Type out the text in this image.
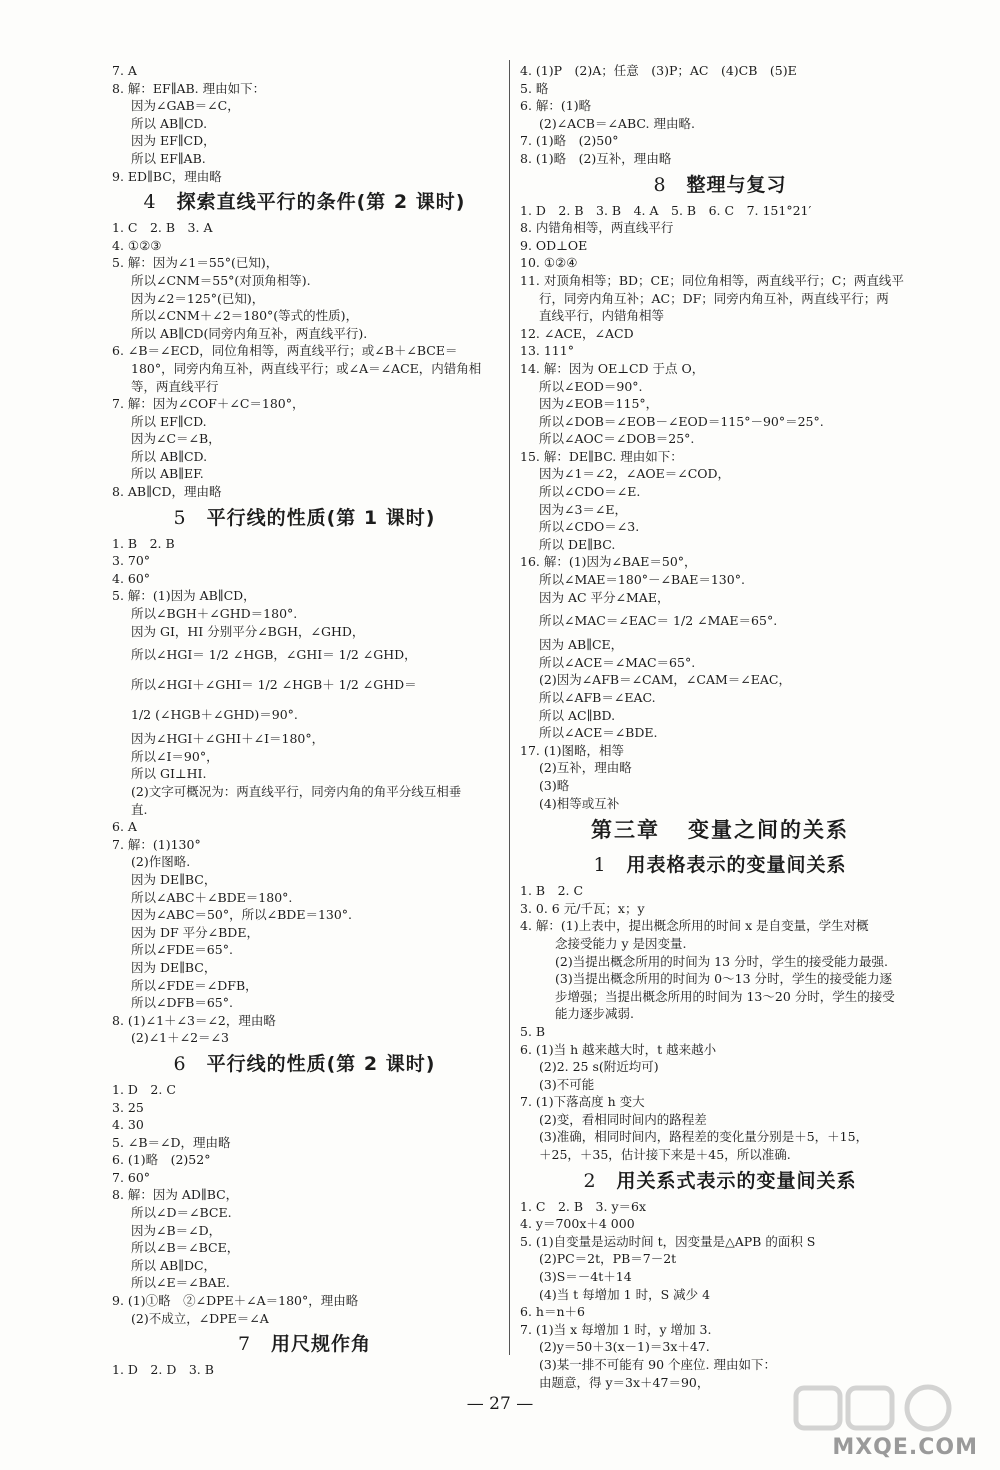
7. A
8. 解：EF∥AB. 理由如下：
因为∠GAB＝∠C，
所以 AB∥CD.
因为 EF∥CD，
所以 EF∥AB.
9. ED∥BC，理由略
4 探索直线平行的条件(第 2 课时)
1. C　2. B　3. A
4. ①②③
5. 解：因为∠1＝55°(已知)，
所以∠CNM＝55°(对顶角相等).
因为∠2＝125°(已知)，
所以∠CNM＋∠2＝180°(等式的性质)，
所以 AB∥CD(同旁内角互补，两直线平行).
6. ∠B＝∠ECD，同位角相等，两直线平行；或∠B＋∠BCE＝
180°，同旁内角互补，两直线平行；或∠A＝∠ACE，内错角相
等，两直线平行
7. 解：因为∠COF＋∠C＝180°，
所以 EF∥CD.
因为∠C＝∠B，
所以 AB∥CD.
所以 AB∥EF.
8. AB∥CD，理由略
5 平行线的性质(第 1 课时)
1. B　2. B
3. 70°
4. 60°
5. 解：(1)因为 AB∥CD，
所以∠BGH＋∠GHD＝180°.
因为 GI，HI 分别平分∠BGH，∠GHD，
所以∠HGI＝ 1/2 ∠HGB，∠GHI＝ 1/2 ∠GHD，
所以∠HGI＋∠GHI＝ 1/2 ∠HGB＋ 1/2 ∠GHD＝
1/2 (∠HGB＋∠GHD)＝90°.
因为∠HGI＋∠GHI＋∠I＝180°，
所以∠I＝90°，
所以 GI⊥HI.
(2)文字可概况为：两直线平行，同旁内角的角平分线互相垂
直.
6. A
7. 解：(1)130°
(2)作图略.
因为 DE∥BC，
所以∠ABC＋∠BDE＝180°.
因为∠ABC＝50°，所以∠BDE＝130°.
因为 DF 平分∠BDE，
所以∠FDE＝65°.
因为 DE∥BC，
所以∠FDE＝∠DFB，
所以∠DFB＝65°.
8. (1)∠1＋∠3＝∠2，理由略
(2)∠1＋∠2＝∠3
6 平行线的性质(第 2 课时)
1. D　2. C
3. 25
4. 30
5. ∠B＝∠D，理由略
6. (1)略　(2)52°
7. 60°
8. 解：因为 AD∥BC，
所以∠D＝∠BCE.
因为∠B＝∠D，
所以∠B＝∠BCE，
所以 AB∥DC，
所以∠E＝∠BAE.
9. (1)①略　②∠DPE＋∠A＝180°，理由略
(2)不成立，∠DPE＝∠A
7 用尺规作角
1. D　2. D　3. B
4. (1)P　(2)A；任意　(3)P；AC　(4)CB　(5)E
5. 略
6. 解：(1)略
(2)∠ACB＝∠ABC. 理由略.
7. (1)略　(2)50°
8. (1)略　(2)互补，理由略
8 整理与复习
1. D　2. B　3. B　4. A　5. B　6. C　7. 151°21′
8. 内错角相等，两直线平行
9. OD⊥OE
10. ①②④
11. 对顶角相等；BD；CE；同位角相等，两直线平行；C；两直线平
行，同旁内角互补；AC；DF；同旁内角互补，两直线平行；两
直线平行，内错角相等
12. ∠ACE，∠ACD
13. 111°
14. 解：因为 OE⊥CD 于点 O，
所以∠EOD＝90°.
因为∠EOB＝115°，
所以∠DOB＝∠EOB－∠EOD＝115°－90°＝25°.
所以∠AOC＝∠DOB＝25°.
15. 解：DE∥BC. 理由如下：
因为∠1＝∠2，∠AOE＝∠COD，
所以∠CDO＝∠E.
因为∠3＝∠E，
所以∠CDO＝∠3.
所以 DE∥BC.
16. 解：(1)因为∠BAE＝50°，
所以∠MAE＝180°－∠BAE＝130°.
因为 AC 平分∠MAE，
所以∠MAC＝∠EAC＝ 1/2 ∠MAE＝65°.
因为 AB∥CE，
所以∠ACE＝∠MAC＝65°.
(2)因为∠AFB＝∠CAM，∠CAM＝∠EAC，
所以∠AFB＝∠EAC.
所以 AC∥BD.
所以∠ACE＝∠BDE.
17. (1)图略，相等
(2)互补，理由略
(3)略
(4)相等或互补
第三章 变量之间的关系
1 用表格表示的变量间关系
1. B　2. C
3. 0. 6 元/千瓦；x；y
4. 解：(1)上表中，提出概念所用的时间 x 是自变量，学生对概
念接受能力 y 是因变量.
(2)当提出概念所用的时间为 13 分时，学生的接受能力最强.
(3)当提出概念所用的时间为 0～13 分时，学生的接受能力逐
步增强；当提出概念所用的时间为 13～20 分时，学生的接受
能力逐步减弱.
5. B
6. (1)当 h 越来越大时，t 越来越小
(2)2. 25 s(附近均可)
(3)不可能
7. (1)下落高度 h 变大
(2)变，看相同时间内的路程差
(3)准确，相同时间内，路程差的变化量分别是＋5，＋15，
＋25，＋35，估计接下来是＋45，所以准确.
2 用关系式表示的变量间关系
1. C　2. B　3. y＝6x
4. y＝700x＋4 000
5. (1)自变量是运动时间 t，因变量是△APB 的面积 S
(2)PC＝2t，PB＝7－2t
(3)S＝－4t＋14
(4)当 t 每增加 1 时，S 减少 4
6. h＝n＋6
7. (1)当 x 每增加 1 时，y 增加 3.
(2)y＝50＋3(x－1)＝3x＋47.
(3)某一排不可能有 90 个座位. 理由如下：
由题意，得 y＝3x＋47＝90，
— 27 —
MXQE.COM
